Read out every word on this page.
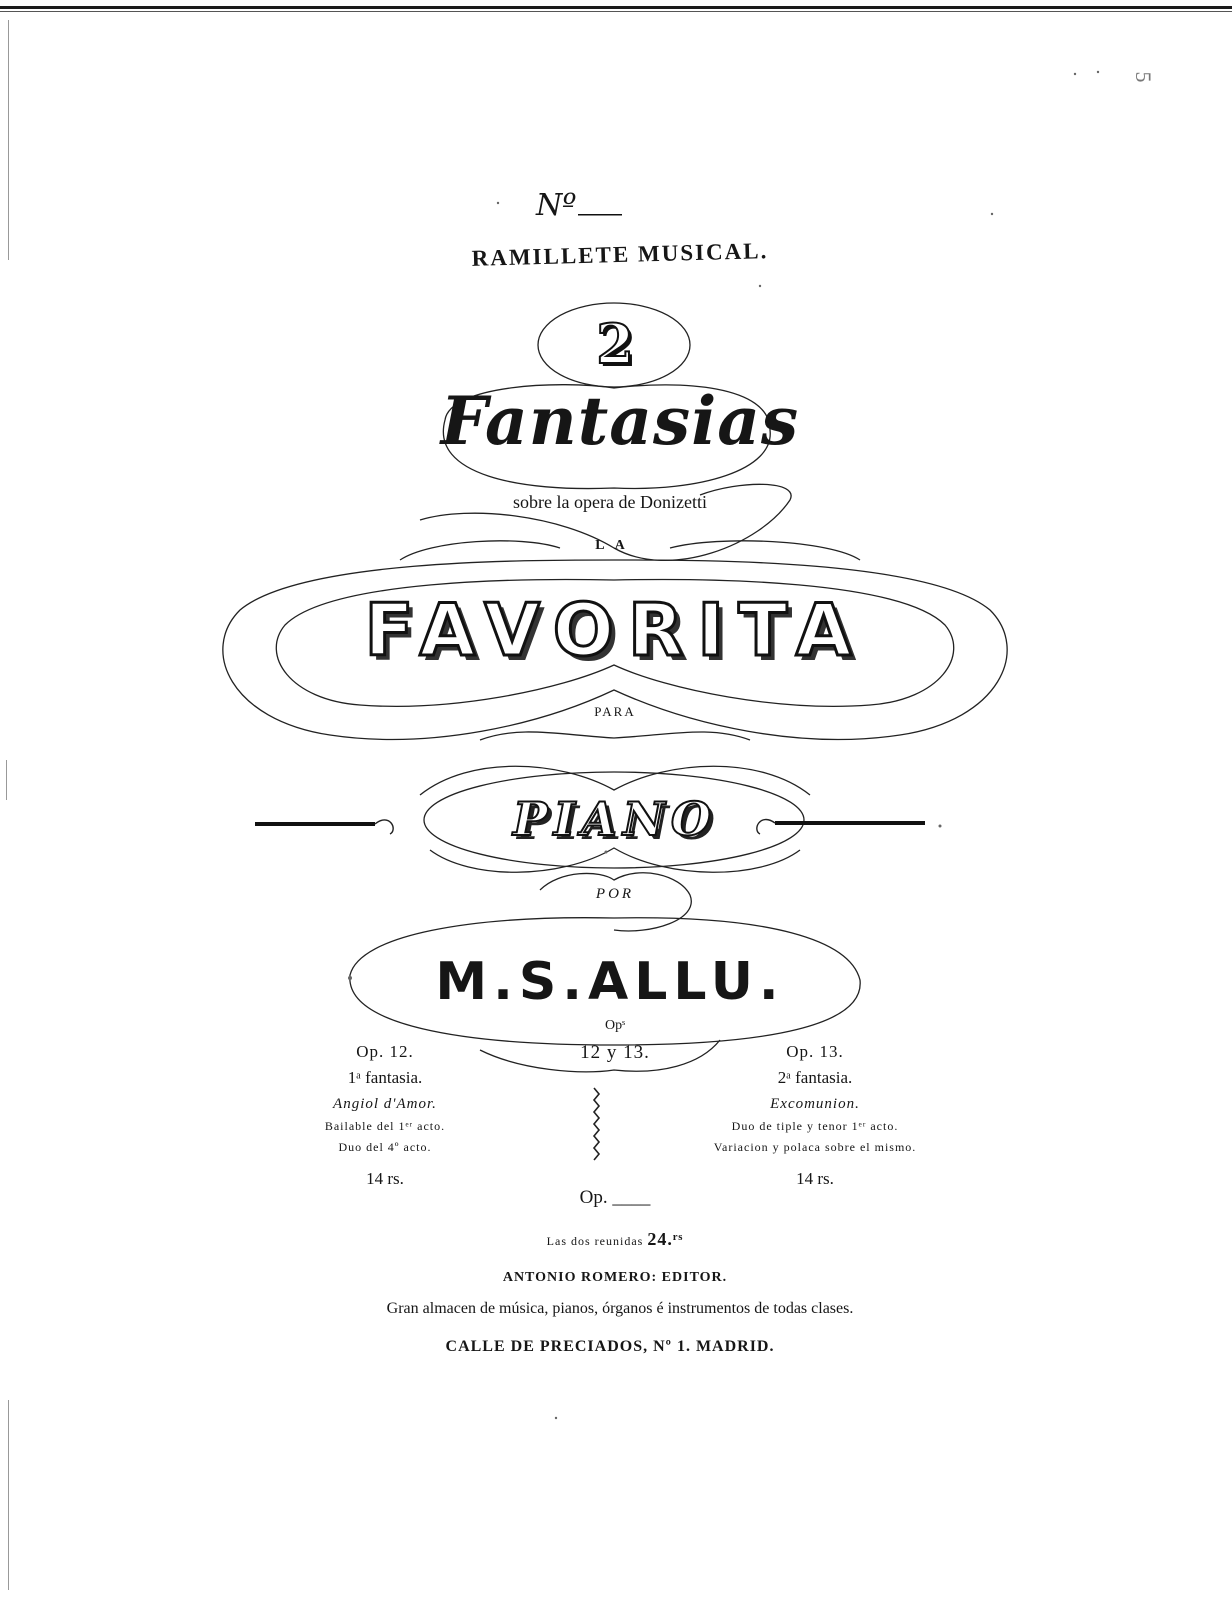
5
Nº
RAMILLETE MUSICAL.
2
Fantasias
sobre la opera de Donizetti
LA
FAVORITA
PARA
PIANO
POR
M.S.ALLU.
Opˢ
12 y 13.
Op. 12.
1ᵃ fantasia.
Angiol d'Amor.
Bailable del 1ᵉʳ acto.
Duo del 4º acto.
14 rs.
Op. 13.
2ᵃ fantasia.
Excomunion.
Duo de tiple y tenor 1ᵉʳ acto.
Variacion y polaca sobre el mismo.
14 rs.
Op. ____
Las dos reunidas 24.ʳˢ
ANTONIO ROMERO: EDITOR.
Gran almacen de música, pianos, órganos é instrumentos de todas clases.
CALLE DE PRECIADOS, Nº 1. MADRID.
